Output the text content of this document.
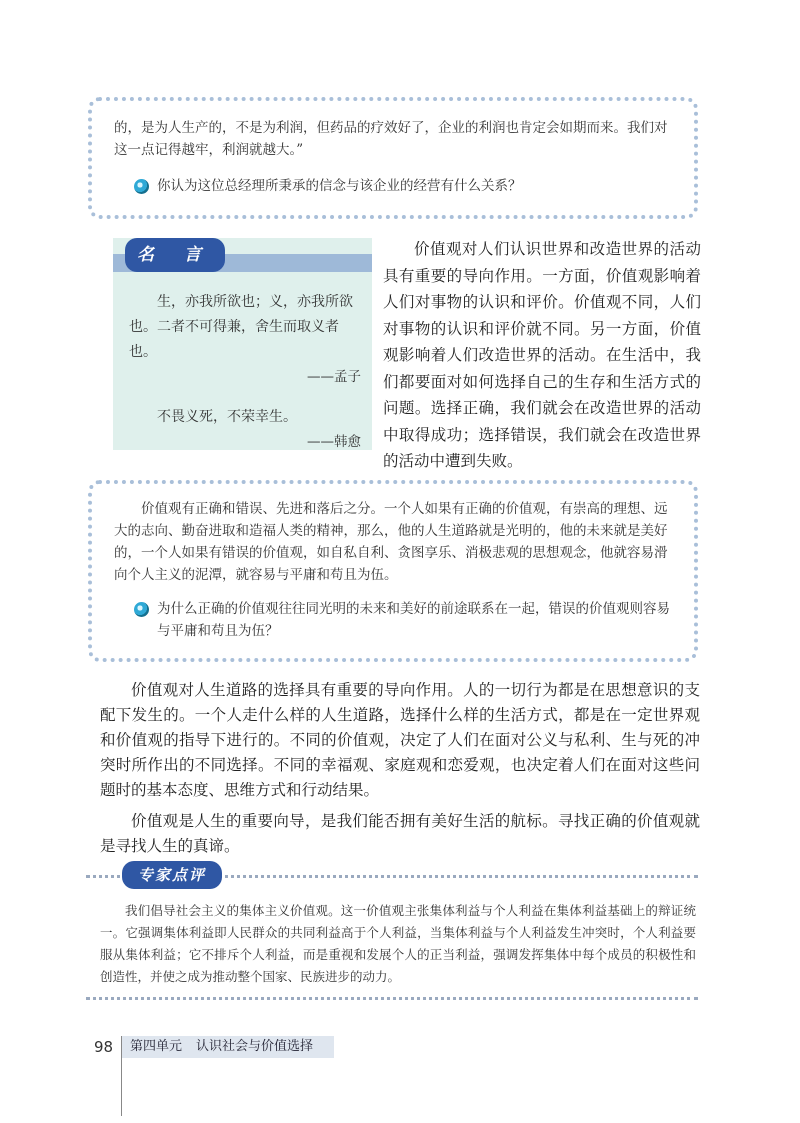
的，是为人生产的，不是为利润，但药品的疗效好了，企业的利润也肯定会如期而来。我们对这一点记得越牢，利润就越大。”

你认为这位总经理所秉承的信念与该企业的经营有什么关系？

名 言

生，亦我所欲也；义，亦我所欲也。二者不可得兼，舍生而取义者也。

——孟子

不畏义死，不荣幸生。

——韩愈

价值观对人们认识世界和改造世界的活动具有重要的导向作用。一方面，价值观影响着人们对事物的认识和评价。价值观不同，人们对事物的认识和评价就不同。另一方面，价值观影响着人们改造世界的活动。在生活中，我们都要面对如何选择自己的生存和生活方式的问题。选择正确，我们就会在改造世界的活动中取得成功；选择错误，我们就会在改造世界的活动中遭到失败。

价值观有正确和错误、先进和落后之分。一个人如果有正确的价值观，有崇高的理想、远大的志向、勤奋进取和造福人类的精神，那么，他的人生道路就是光明的，他的未来就是美好的，一个人如果有错误的价值观，如自私自利、贪图享乐、消极悲观的思想观念，他就容易滑向个人主义的泥潭，就容易与平庸和苟且为伍。

为什么正确的价值观往往同光明的未来和美好的前途联系在一起，错误的价值观则容易与平庸和苟且为伍？

价值观对人生道路的选择具有重要的导向作用。人的一切行为都是在思想意识的支配下发生的。一个人走什么样的人生道路，选择什么样的生活方式，都是在一定世界观和价值观的指导下进行的。不同的价值观，决定了人们在面对公义与私利、生与死的冲突时所作出的不同选择。不同的幸福观、家庭观和恋爱观，也决定着人们在面对这些问题时的基本态度、思维方式和行动结果。

价值观是人生的重要向导，是我们能否拥有美好生活的航标。寻找正确的价值观就是寻找人生的真谛。

专家点评

我们倡导社会主义的集体主义价值观。这一价值观主张集体利益与个人利益在集体利益基础上的辩证统一。它强调集体利益即人民群众的共同利益高于个人利益，当集体利益与个人利益发生冲突时，个人利益要服从集体利益；它不排斥个人利益，而是重视和发展个人的正当利益，强调发挥集体中每个成员的积极性和创造性，并使之成为推动整个国家、民族进步的动力。

98	第四单元 认识社会与价值选择
